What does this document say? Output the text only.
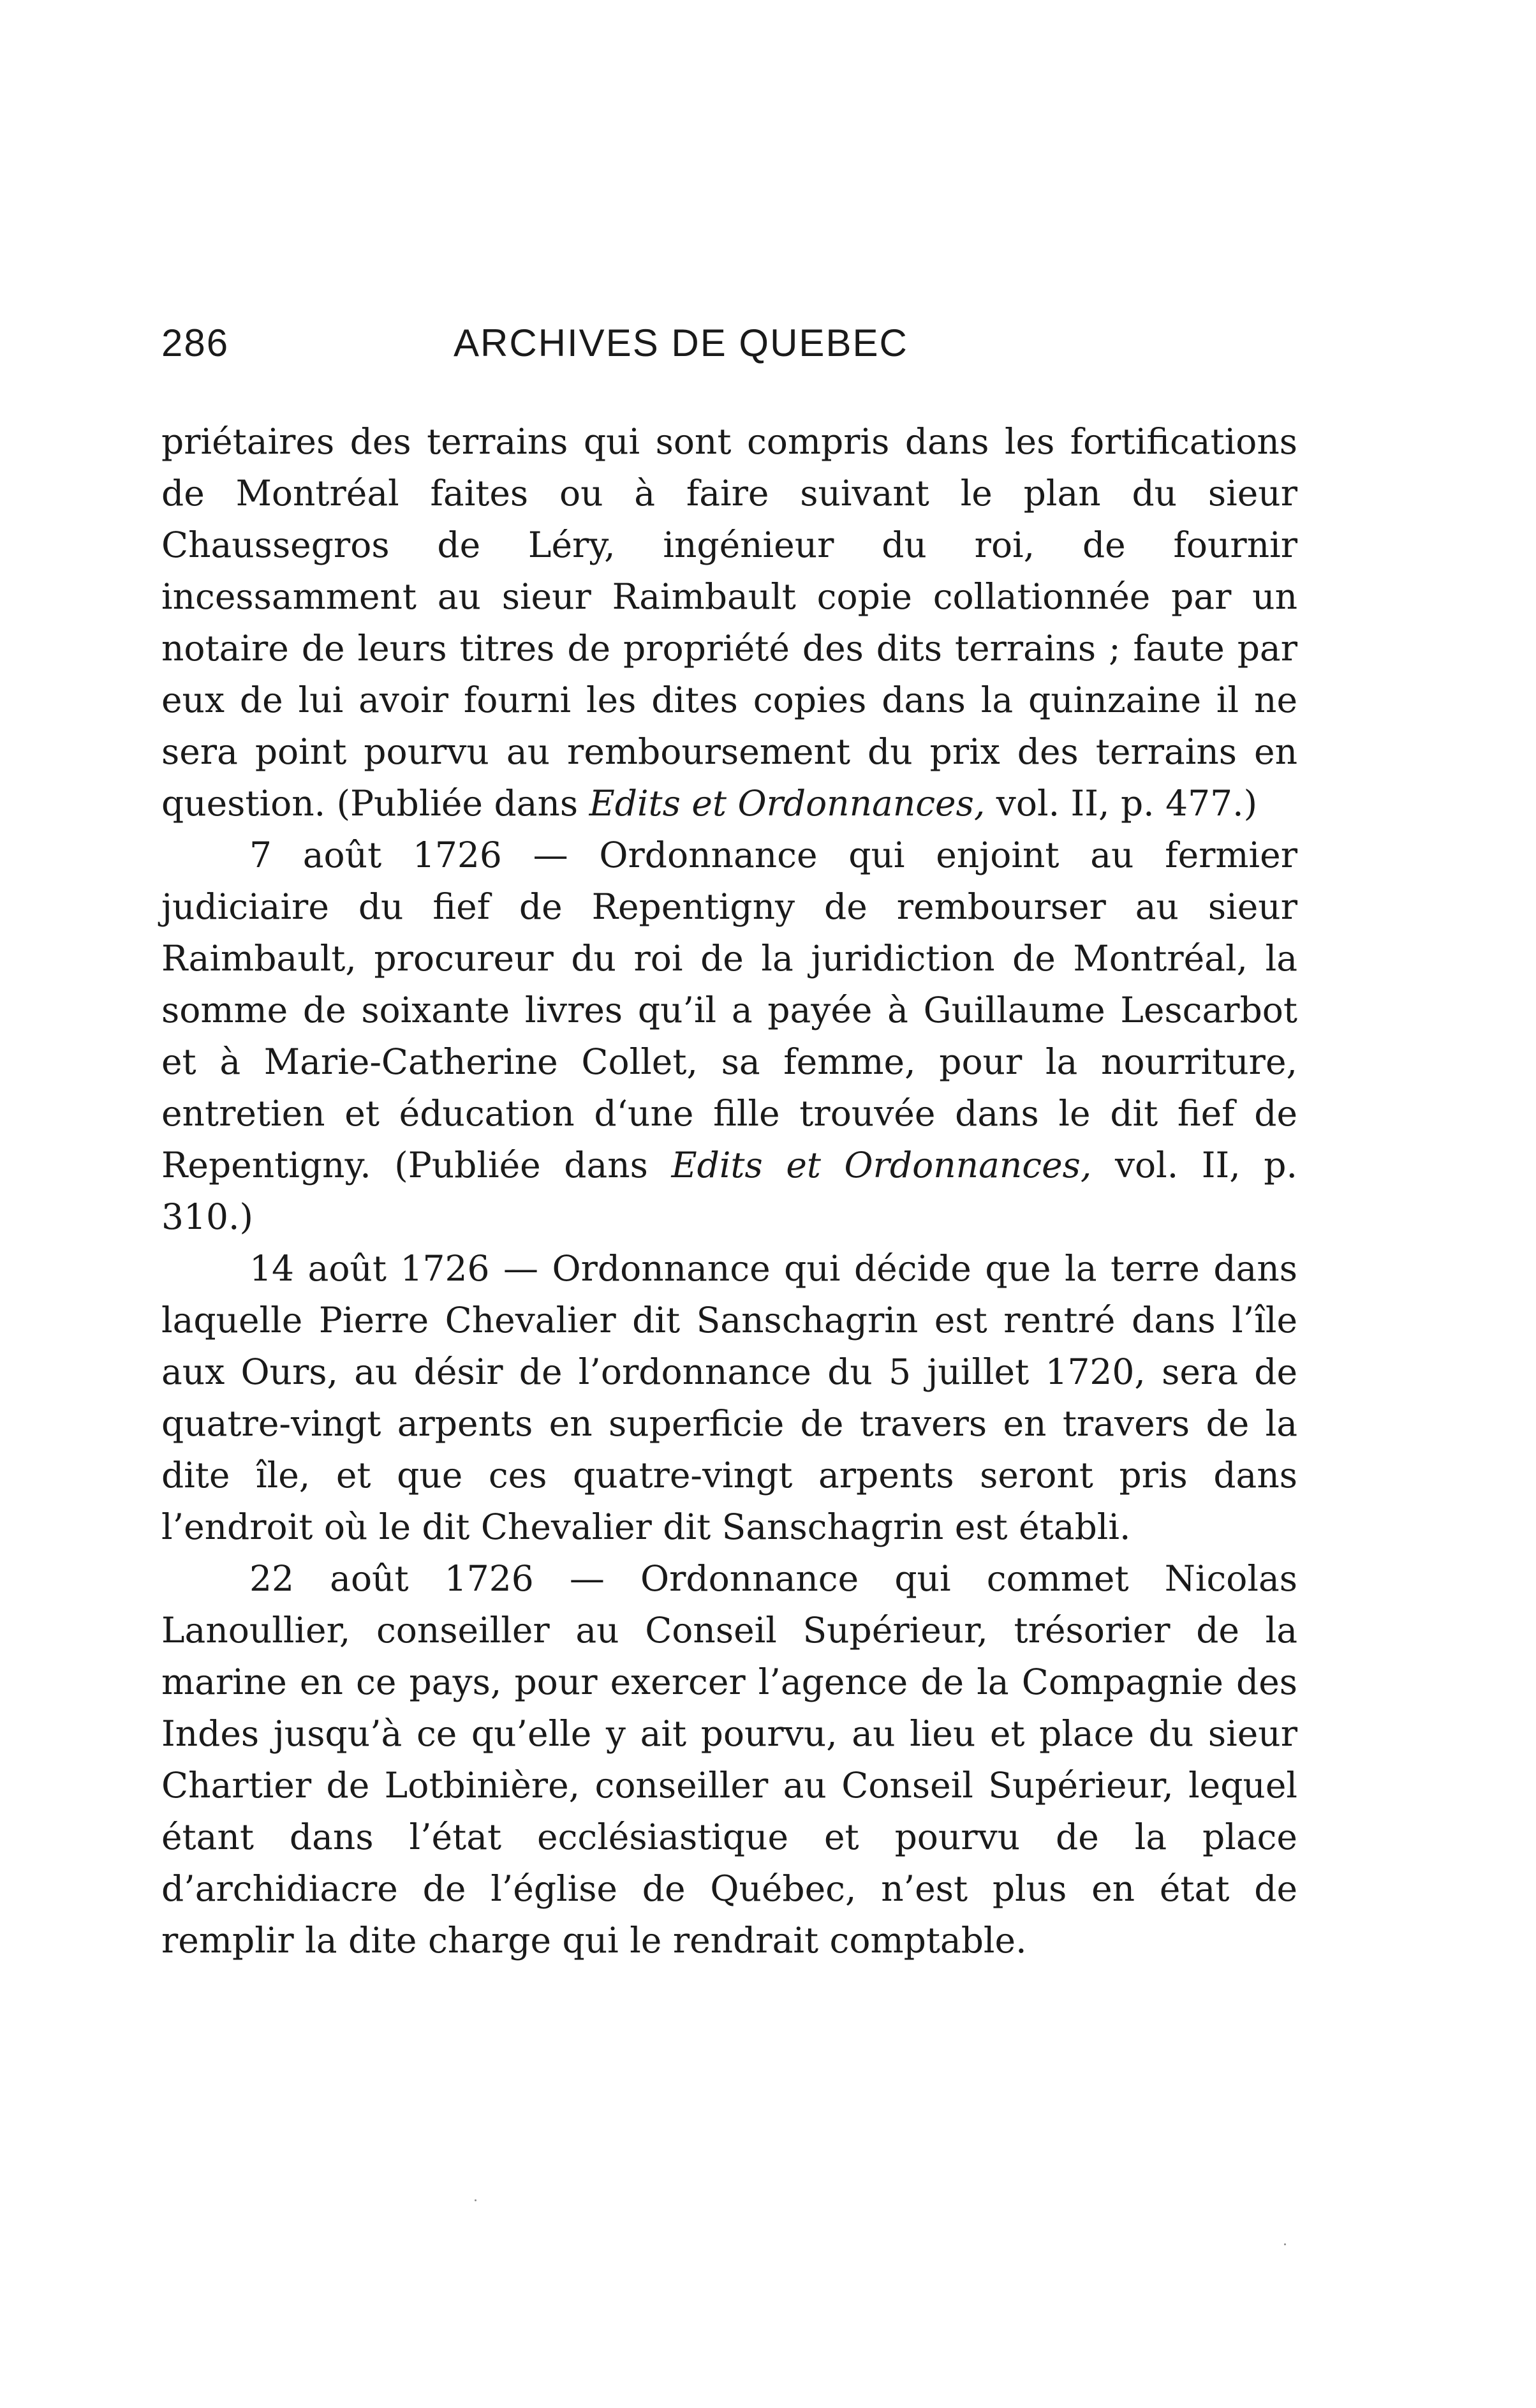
286	ARCHIVES DE QUEBEC

priétaires des terrains qui sont compris dans les fortifications de Montréal faites ou à faire suivant le plan du sieur Chaussegros de Léry, ingénieur du roi, de fournir incessamment au sieur Raimbault copie collationnée par un notaire de leurs titres de propriété des dits terrains ; faute par eux de lui avoir fourni les dites copies dans la quinzaine il ne sera point pourvu au remboursement du prix des terrains en question. (Publiée dans Edits et Ordonnances, vol. II, p. 477.)

7 août 1726 — Ordonnance qui enjoint au fermier judiciaire du fief de Repentigny de rembourser au sieur Raimbault, procureur du roi de la juridiction de Montréal, la somme de soixante livres qu’il a payée à Guillaume Lescarbot et à Marie-Catherine Collet, sa femme, pour la nourriture, entretien et éducation d‘une fille trouvée dans le dit fief de Repentigny. (Publiée dans Edits et Ordonnances, vol. II, p. 310.)

14 août 1726 — Ordonnance qui décide que la terre dans laquelle Pierre Chevalier dit Sanschagrin est rentré dans l’île aux Ours, au désir de l’ordonnance du 5 juillet 1720, sera de quatre-vingt arpents en superficie de travers en travers de la dite île, et que ces quatre-vingt arpents seront pris dans l’endroit où le dit Chevalier dit Sanschagrin est établi.

22 août 1726 — Ordonnance qui commet Nicolas Lanoullier, conseiller au Conseil Supérieur, trésorier de la marine en ce pays, pour exercer l’agence de la Compagnie des Indes jusqu’à ce qu’elle y ait pourvu, au lieu et place du sieur Chartier de Lotbinière, conseiller au Conseil Supérieur, lequel étant dans l’état ecclésiastique et pourvu de la place d’archidiacre de l’église de Québec, n’est plus en état de remplir la dite charge qui le rendrait comptable.
